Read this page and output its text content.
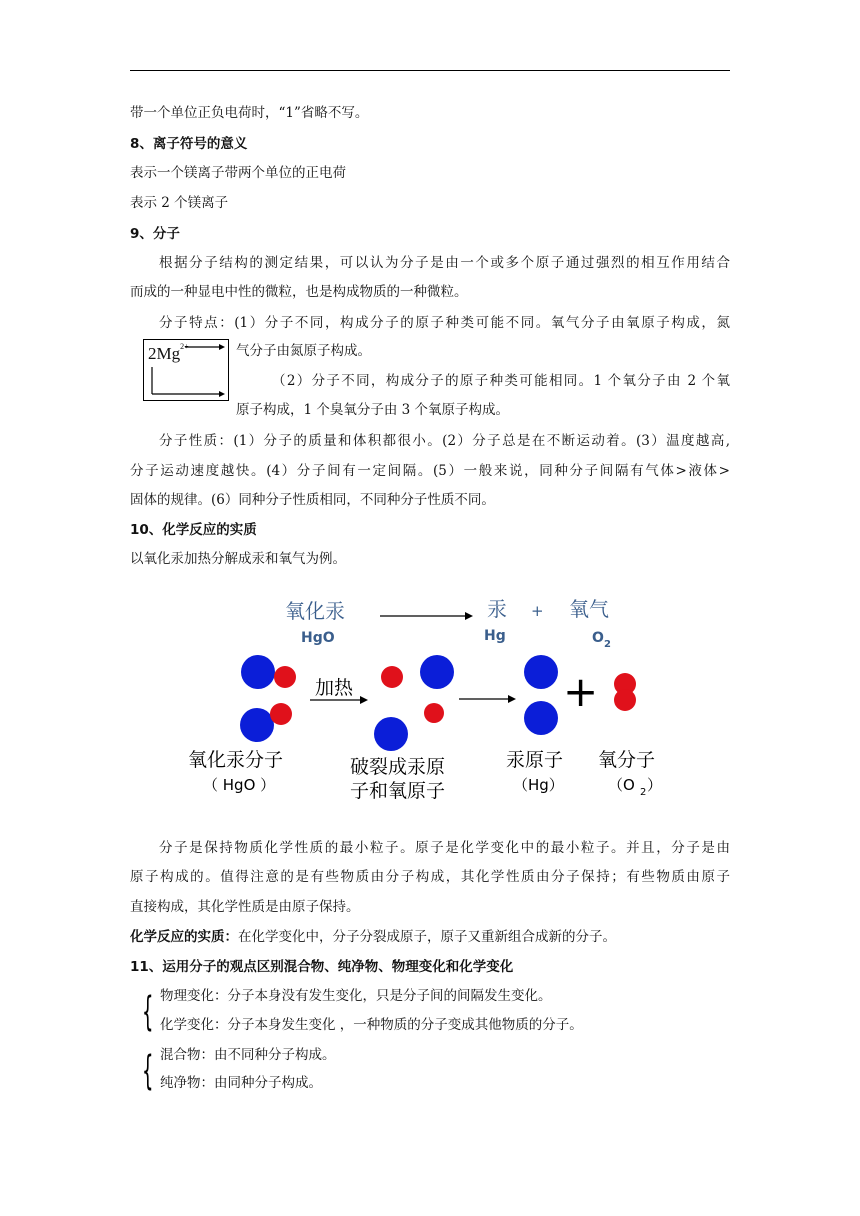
带一个单位正负电荷时，“1”省略不写。
8、离子符号的意义
表示一个镁离子带两个单位的正电荷
表示 2 个镁离子
9、分子
根据分子结构的测定结果，可以认为分子是由一个或多个原子通过强烈的相互作用结合
而成的一种显电中性的微粒，也是构成物质的一种微粒。
分子特点：(1）分子不同，构成分子的原子种类可能不同。氧气分子由氧原子构成，氮
气分子由氮原子构成。
（2）分子不同，构成分子的原子种类可能相同。1 个氧分子由 2 个氧
原子构成，1 个臭氧分子由 3 个氧原子构成。
$2Mg^{2+}$
分子性质：(1）分子的质量和体积都很小。(2）分子总是在不断运动着。(3）温度越高,
分子运动速度越快。(4）分子间有一定间隔。(5）一般来说，同种分子间隔有气体>液体>
固体的规律。(6）同种分子性质相同，不同种分子性质不同。
10、化学反应的实质
以氧化汞加热分解成汞和氧气为例。
氧化汞
HgO
汞 + 氧气
Hg	O 2
加热	+
氧化汞分子
（ HgO ）
破裂成汞原
子和氧原子
汞原子
（Hg）
氧分子
（O 2 ）
分子是保持物质化学性质的最小粒子。原子是化学变化中的最小粒子。并且，分子是由
原子构成的。值得注意的是有些物质由分子构成，其化学性质由分子保持；有些物质由原子
直接构成，其化学性质是由原子保持。
化学反应的实质：在化学变化中，分子分裂成原子，原子又重新组合成新的分子。
11、运用分子的观点区别混合物、纯净物、物理变化和化学变化
{ 物理变化：分子本身没有发生变化，只是分子间的间隔发生变化。
化学变化：分子本身发生变化 ，一种物质的分子变成其他物质的分子。
{ 混合物：由不同种分子构成。
纯净物：由同种分子构成。
